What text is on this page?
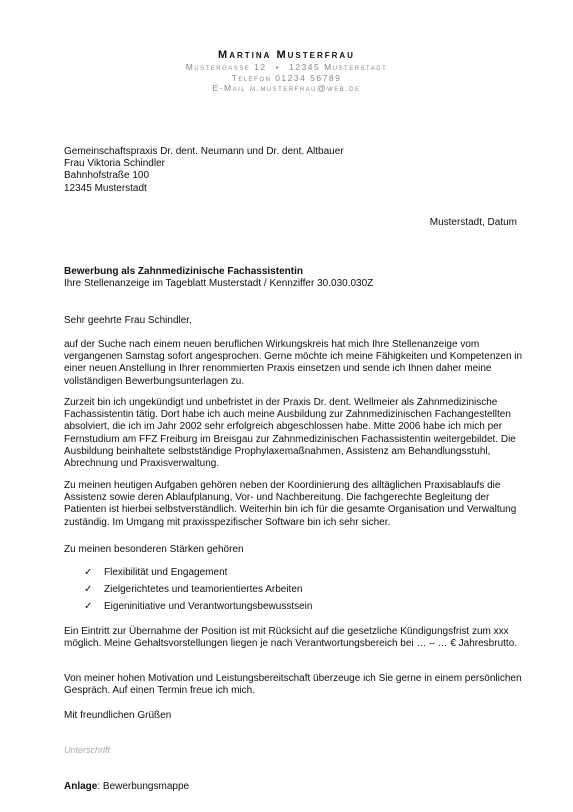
Martina Musterfrau
Mustergasse 12 • 12345 Musterstadt
Telefon 01234 56789
E-Mail m.musterfrau@web.de
Gemeinschaftspraxis Dr. dent. Neumann und Dr. dent. Altbauer
Frau Viktoria Schindler
Bahnhofstraße 100
12345 Musterstadt
Musterstadt, Datum
Bewerbung als Zahnmedizinische Fachassistentin
Ihre Stellenanzeige im Tageblatt Musterstadt / Kennziffer 30.030.030Z
Sehr geehrte Frau Schindler,

auf der Suche nach einem neuen beruflichen Wirkungskreis hat mich Ihre Stellenanzeige vom vergangenen Samstag sofort angesprochen. Gerne möchte ich meine Fähigkeiten und Kompetenzen in einer neuen Anstellung in Ihrer renommierten Praxis einsetzen und sende ich Ihnen daher meine vollständigen Bewerbungsunterlagen zu.

Zurzeit bin ich ungekündigt und unbefristet in der Praxis Dr. dent. Wellmeier als Zahnmedizinische Fachassistentin tätig. Dort habe ich auch meine Ausbildung zur Zahnmedizinischen Fachangestellten absolviert, die ich im Jahr 2002 sehr erfolgreich abgeschlossen habe. Mitte 2006 habe ich mich per Fernstudium am FFZ Freiburg im Breisgau zur Zahnmedizinischen Fachassistentin weitergebildet. Die Ausbildung beinhaltete selbstständige Prophylaxemaßnahmen, Assistenz am Behandlungsstuhl, Abrechnung und Praxisverwaltung.

Zu meinen heutigen Aufgaben gehören neben der Koordinierung des alltäglichen Praxisablaufs die Assistenz sowie deren Ablaufplanung, Vor- und Nachbereitung. Die fachgerechte Begleitung der Patienten ist hierbei selbstverständlich. Weiterhin bin ich für die gesamte Organisation und Verwaltung zuständig. Im Umgang mit praxisspezifischer Software bin ich sehr sicher.

Zu meinen besonderen Stärken gehören

✓ Flexibilität und Engagement
✓ Zielgerichtetes und teamorientiertes Arbeiten
✓ Eigeninitiative und Verantwortungsbewusstsein

Ein Eintritt zur Übernahme der Position ist mit Rücksicht auf die gesetzliche Kündigungsfrist zum xxx möglich. Meine Gehaltsvorstellungen liegen je nach Verantwortungsbereich bei … – … € Jahresbrutto.

Von meiner hohen Motivation und Leistungsbereitschaft überzeuge ich Sie gerne in einem persönlichen Gespräch. Auf einen Termin freue ich mich.

Mit freundlichen Grüßen
Unterschrift
Anlage: Bewerbungsmappe
